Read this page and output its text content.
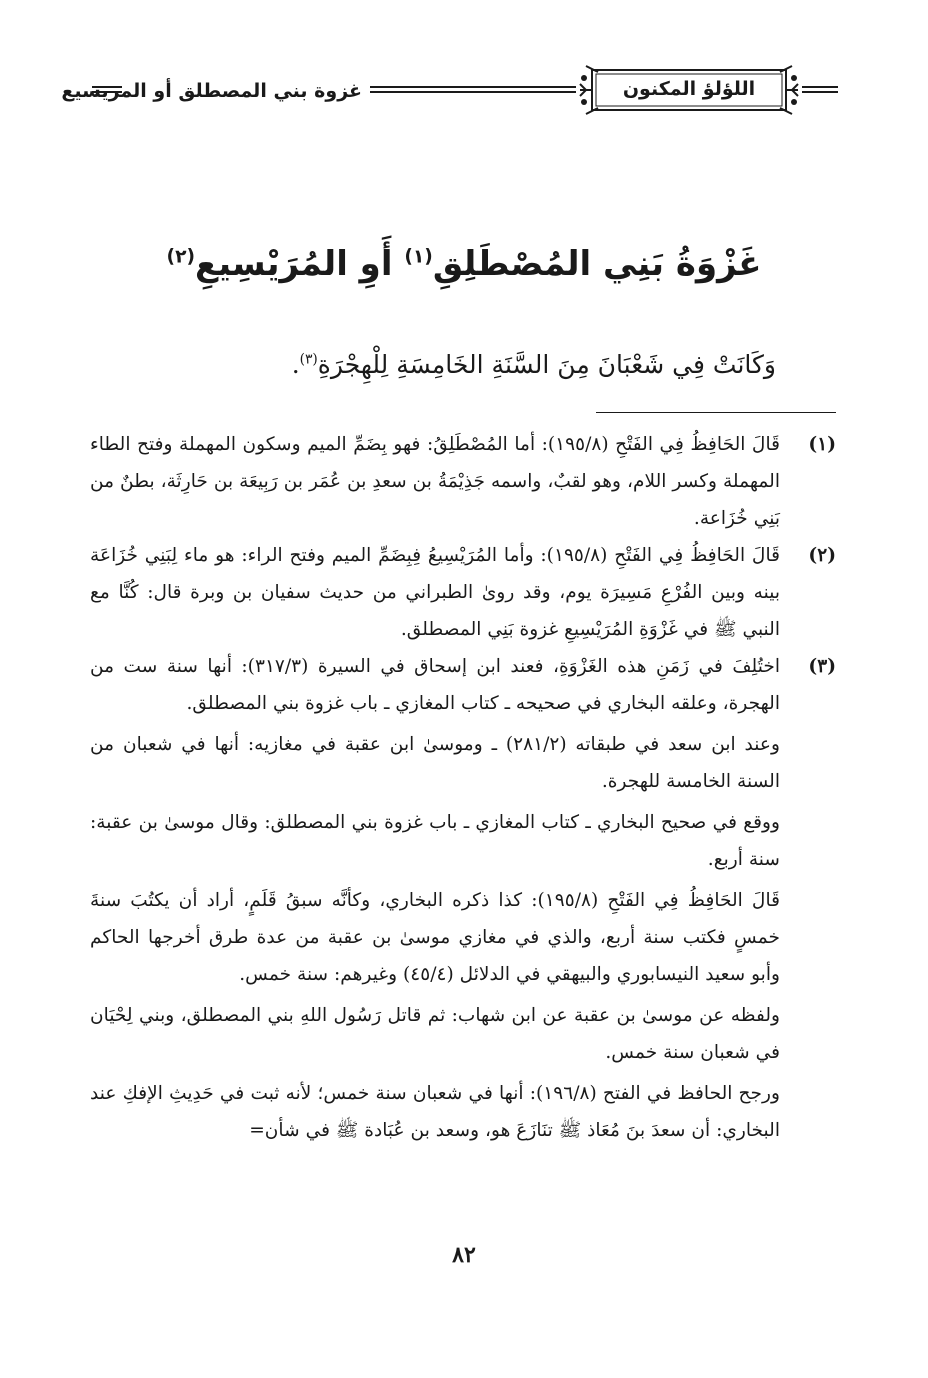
اللؤلؤ المكنون
غزوة بني المصطلق أو المريسيع
غَزْوَةُ بَنِي المُصْطَلِقِ$^{(١)}$ أَوِ المُرَيْسِيعِ$^{(٢)}$
وَكَانَتْ فِي شَعْبَانَ مِنَ السَّنَةِ الخَامِسَةِ لِلْهِجْرَةِ$^{(٣)}$.
(١)

قَالَ الحَافِظُ فِي الفَتْحِ (١٩٥/٨): أما المُصْطَلِقُ: فهو بِضَمِّ الميم وسكون المهملة وفتح الطاء المهملة وكسر اللام، وهو لقبٌ، واسمه جَذِيْمَةُ بن سعدِ بن عُمَر بن رَبِيعَة بن حَارِثَة، بطنٌ من بَنِي خُزَاعة.

(٢)

قَالَ الحَافِظُ فِي الفَتْحِ (١٩٥/٨): وأما المُرَيْسِيعُ فِبِضَمِّ الميم وفتح الراء: هو ماء لِبَنِي خُزَاعَة بينه وبين الفُرْعِ مَسِيرَة يوم، وقد روىٰ الطبراني من حديث سفيان بن وبرة قال: كُنَّا مع النبي ﷺ في غَزْوَةِ المُرَيْسِيعِ غزوة بَنِي المصطلق.

(٣)

اختُلِفَ في زَمَنِ هذه الغَزْوَةِ، فعند ابن إسحاق في السيرة (٣١٧/٣): أنها سنة ست من الهجرة، وعلقه البخاري في صحيحه ـ كتاب المغازي ـ باب غزوة بني المصطلق.

وعند ابن سعد في طبقاته (٢٨١/٢) ـ وموسىٰ ابن عقبة في مغازيه: أنها في شعبان من السنة الخامسة للهجرة.

ووقع في صحيح البخاري ـ كتاب المغازي ـ باب غزوة بني المصطلق: وقال موسىٰ بن عقبة: سنة أربع.

قَالَ الحَافِظُ فِي الفَتْحِ (١٩٥/٨): كذا ذكره البخاري، وكأنَّه سبقُ قَلَمٍ، أراد أن يكتُبَ سنةَ خمسٍ فكتب سنة أربع، والذي في مغازي موسىٰ بن عقبة من عدة طرق أخرجها الحاكم وأبو سعيد النيسابوري والبيهقي في الدلائل (٤٥/٤) وغيرهم: سنة خمس.

ولفظه عن موسىٰ بن عقبة عن ابن شهاب: ثم قاتل رَسُول اللهِ بني المصطلق، وبني لِحْيَان في شعبان سنة خمس.

ورجح الحافظ في الفتح (١٩٦/٨): أنها في شعبان سنة خمس؛ لأنه ثبت في حَدِيثِ الإفكِ عند البخاري: أن سعدَ بنَ مُعَاذ ﷺ تنَازَعَ هو، وسعد بن عُبَادة ﷺ في شأن=

٨٢
